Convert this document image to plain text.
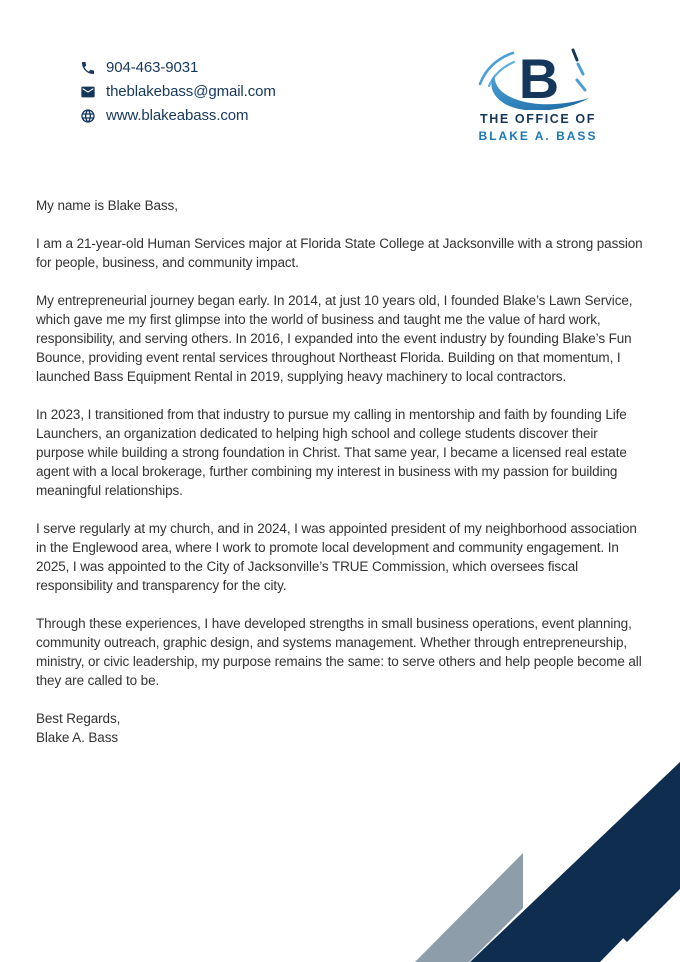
904-463-9031
theblakebass@gmail.com
www.blakeabass.com
B
THE OFFICE OF
BLAKE A. BASS

My name is Blake Bass,

I am a 21-year-old Human Services major at Florida State College at Jacksonville with a strong passion for people, business, and community impact.

My entrepreneurial journey began early. In 2014, at just 10 years old, I founded Blake’s Lawn Service, which gave me my first glimpse into the world of business and taught me the value of hard work, responsibility, and serving others. In 2016, I expanded into the event industry by founding Blake’s Fun Bounce, providing event rental services throughout Northeast Florida. Building on that momentum, I launched Bass Equipment Rental in 2019, supplying heavy machinery to local contractors.

In 2023, I transitioned from that industry to pursue my calling in mentorship and faith by founding Life Launchers, an organization dedicated to helping high school and college students discover their purpose while building a strong foundation in Christ. That same year, I became a licensed real estate agent with a local brokerage, further combining my interest in business with my passion for building meaningful relationships.

I serve regularly at my church, and in 2024, I was appointed president of my neighborhood association in the Englewood area, where I work to promote local development and community engagement. In 2025, I was appointed to the City of Jacksonville’s TRUE Commission, which oversees fiscal responsibility and transparency for the city.

Through these experiences, I have developed strengths in small business operations, event planning, community outreach, graphic design, and systems management. Whether through entrepreneurship, ministry, or civic leadership, my purpose remains the same: to serve others and help people become all they are called to be.

Best Regards,
Blake A. Bass
